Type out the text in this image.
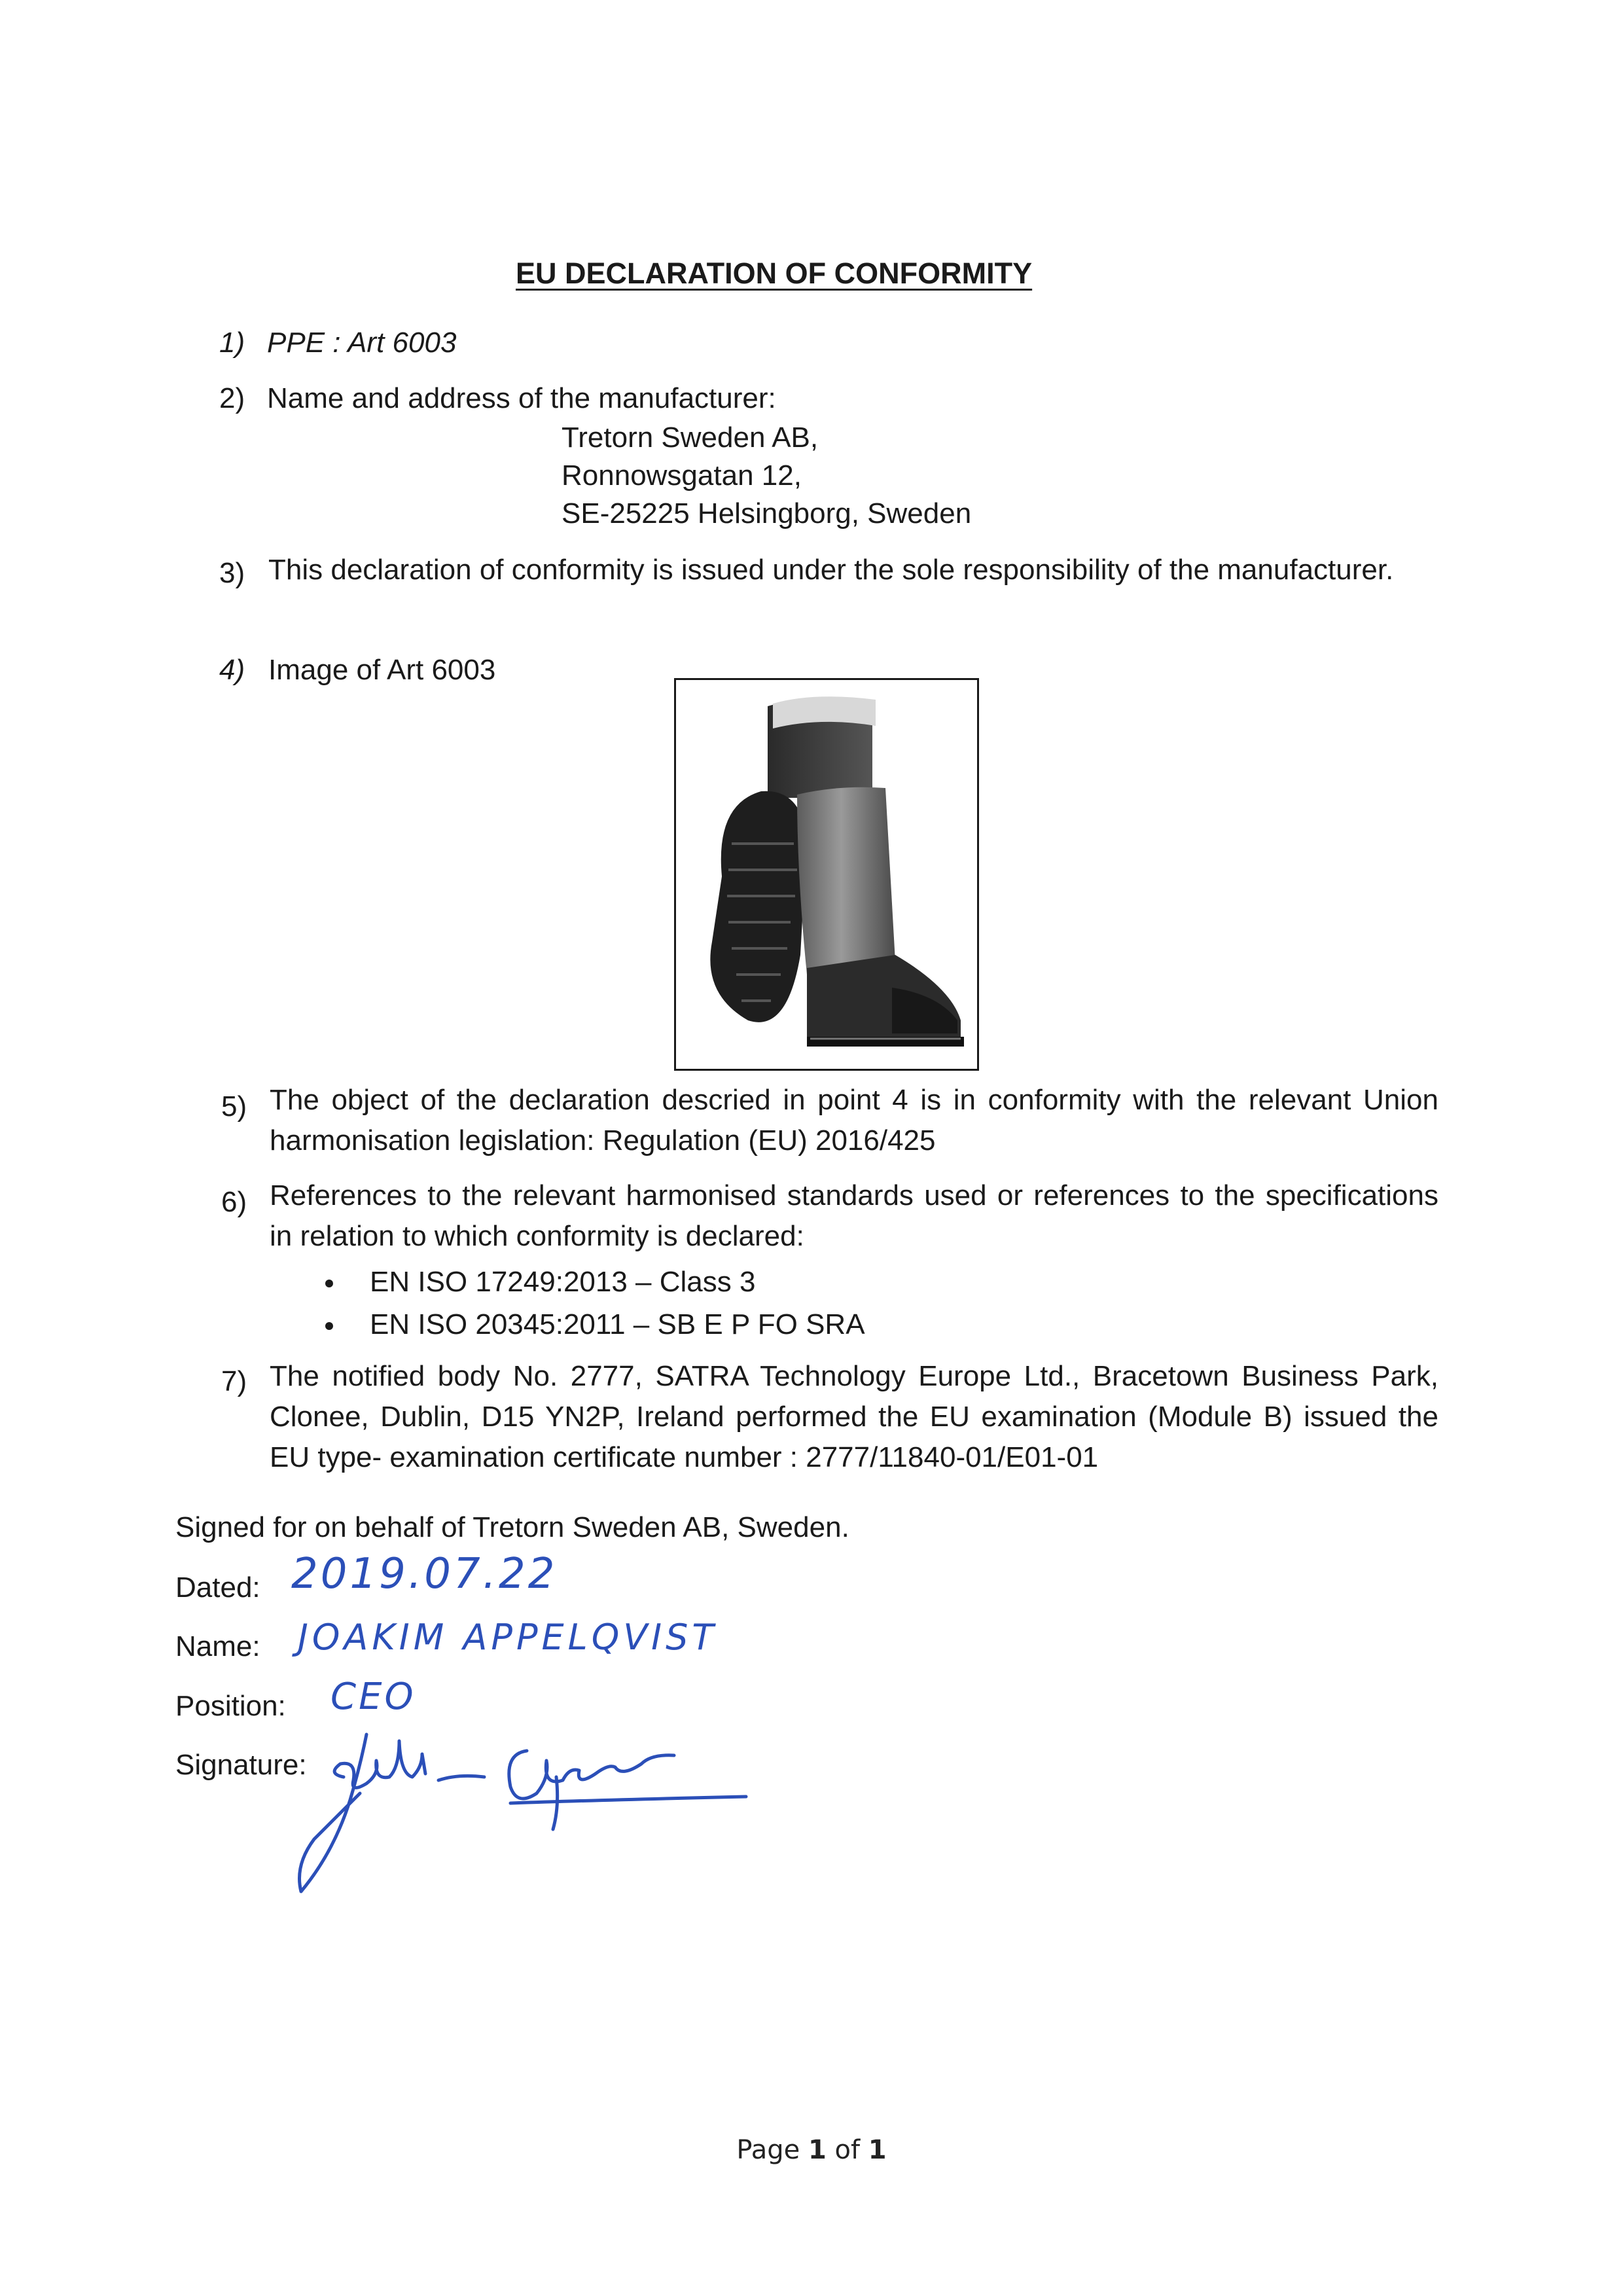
EU DECLARATION OF CONFORMITY
1) PPE : Art 6003
2) Name and address of the manufacturer:
Tretorn Sweden AB,
Ronnowsgatan 12,
SE-25225 Helsingborg, Sweden
3) This declaration of conformity is issued under the sole responsibility of the manufacturer.
4) Image of Art 6003
5) The object of the declaration descried in point 4 is in conformity with the relevant Union harmonisation legislation: Regulation (EU) 2016/425
6) References to the relevant harmonised standards used or references to the specifications in relation to which conformity is declared:
EN ISO 17249:2013 – Class 3
EN ISO 20345:2011 – SB E P FO SRA
7) The notified body No. 2777, SATRA Technology Europe Ltd., Bracetown Business Park, Clonee, Dublin, D15 YN2P, Ireland performed the EU examination (Module B) issued the EU type- examination certificate number : 2777/11840-01/E01-01
Signed for on behalf of Tretorn Sweden AB, Sweden.
Dated: 2019.07.22
Name: JOAKIM APPELQVIST
Position: CEO
Signature:
Page 1 of 1
